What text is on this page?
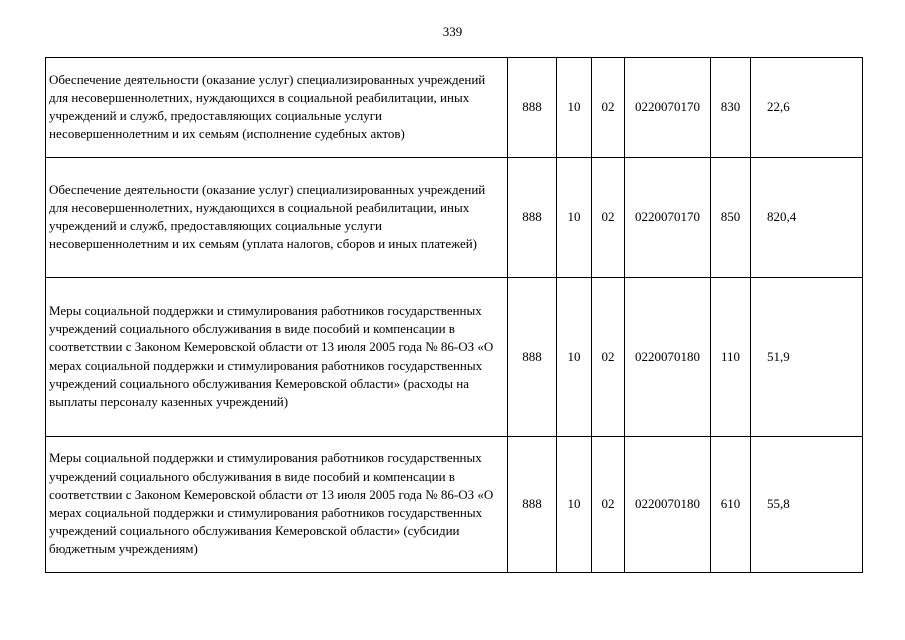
339
Обеспечение деятельности (оказание услуг) специализированных учреждений для несовершеннолетних, нуждающихся в социальной реабилитации, иных учреждений и служб, предоставляющих социальные услуги несовершеннолетним и их семьям (исполнение судебных актов)	888	10	02	0220070170	830	22,6

Обеспечение деятельности (оказание услуг) специализированных учреждений для несовершеннолетних, нуждающихся в социальной реабилитации, иных учреждений и служб, предоставляющих социальные услуги несовершеннолетним и их семьям (уплата налогов, сборов и иных платежей)	888	10	02	0220070170	850	820,4

Меры социальной поддержки и стимулирования работников государственных учреждений социального обслуживания в виде пособий и компенсации в соответствии с Законом Кемеровской области от 13 июля 2005 года № 86-ОЗ «О мерах социальной поддержки и стимулирования работников государственных учреждений социального обслуживания Кемеровской области» (расходы на выплаты персоналу казенных учреждений)	888	10	02	0220070180	110	51,9

Меры социальной поддержки и стимулирования работников государственных учреждений социального обслуживания в виде пособий и компенсации в соответствии с Законом Кемеровской области от 13 июля 2005 года № 86-ОЗ «О мерах социальной поддержки и стимулирования работников государственных учреждений социального обслуживания Кемеровской области» (субсидии бюджетным учреждениям)	888	10	02	0220070180	610	55,8
